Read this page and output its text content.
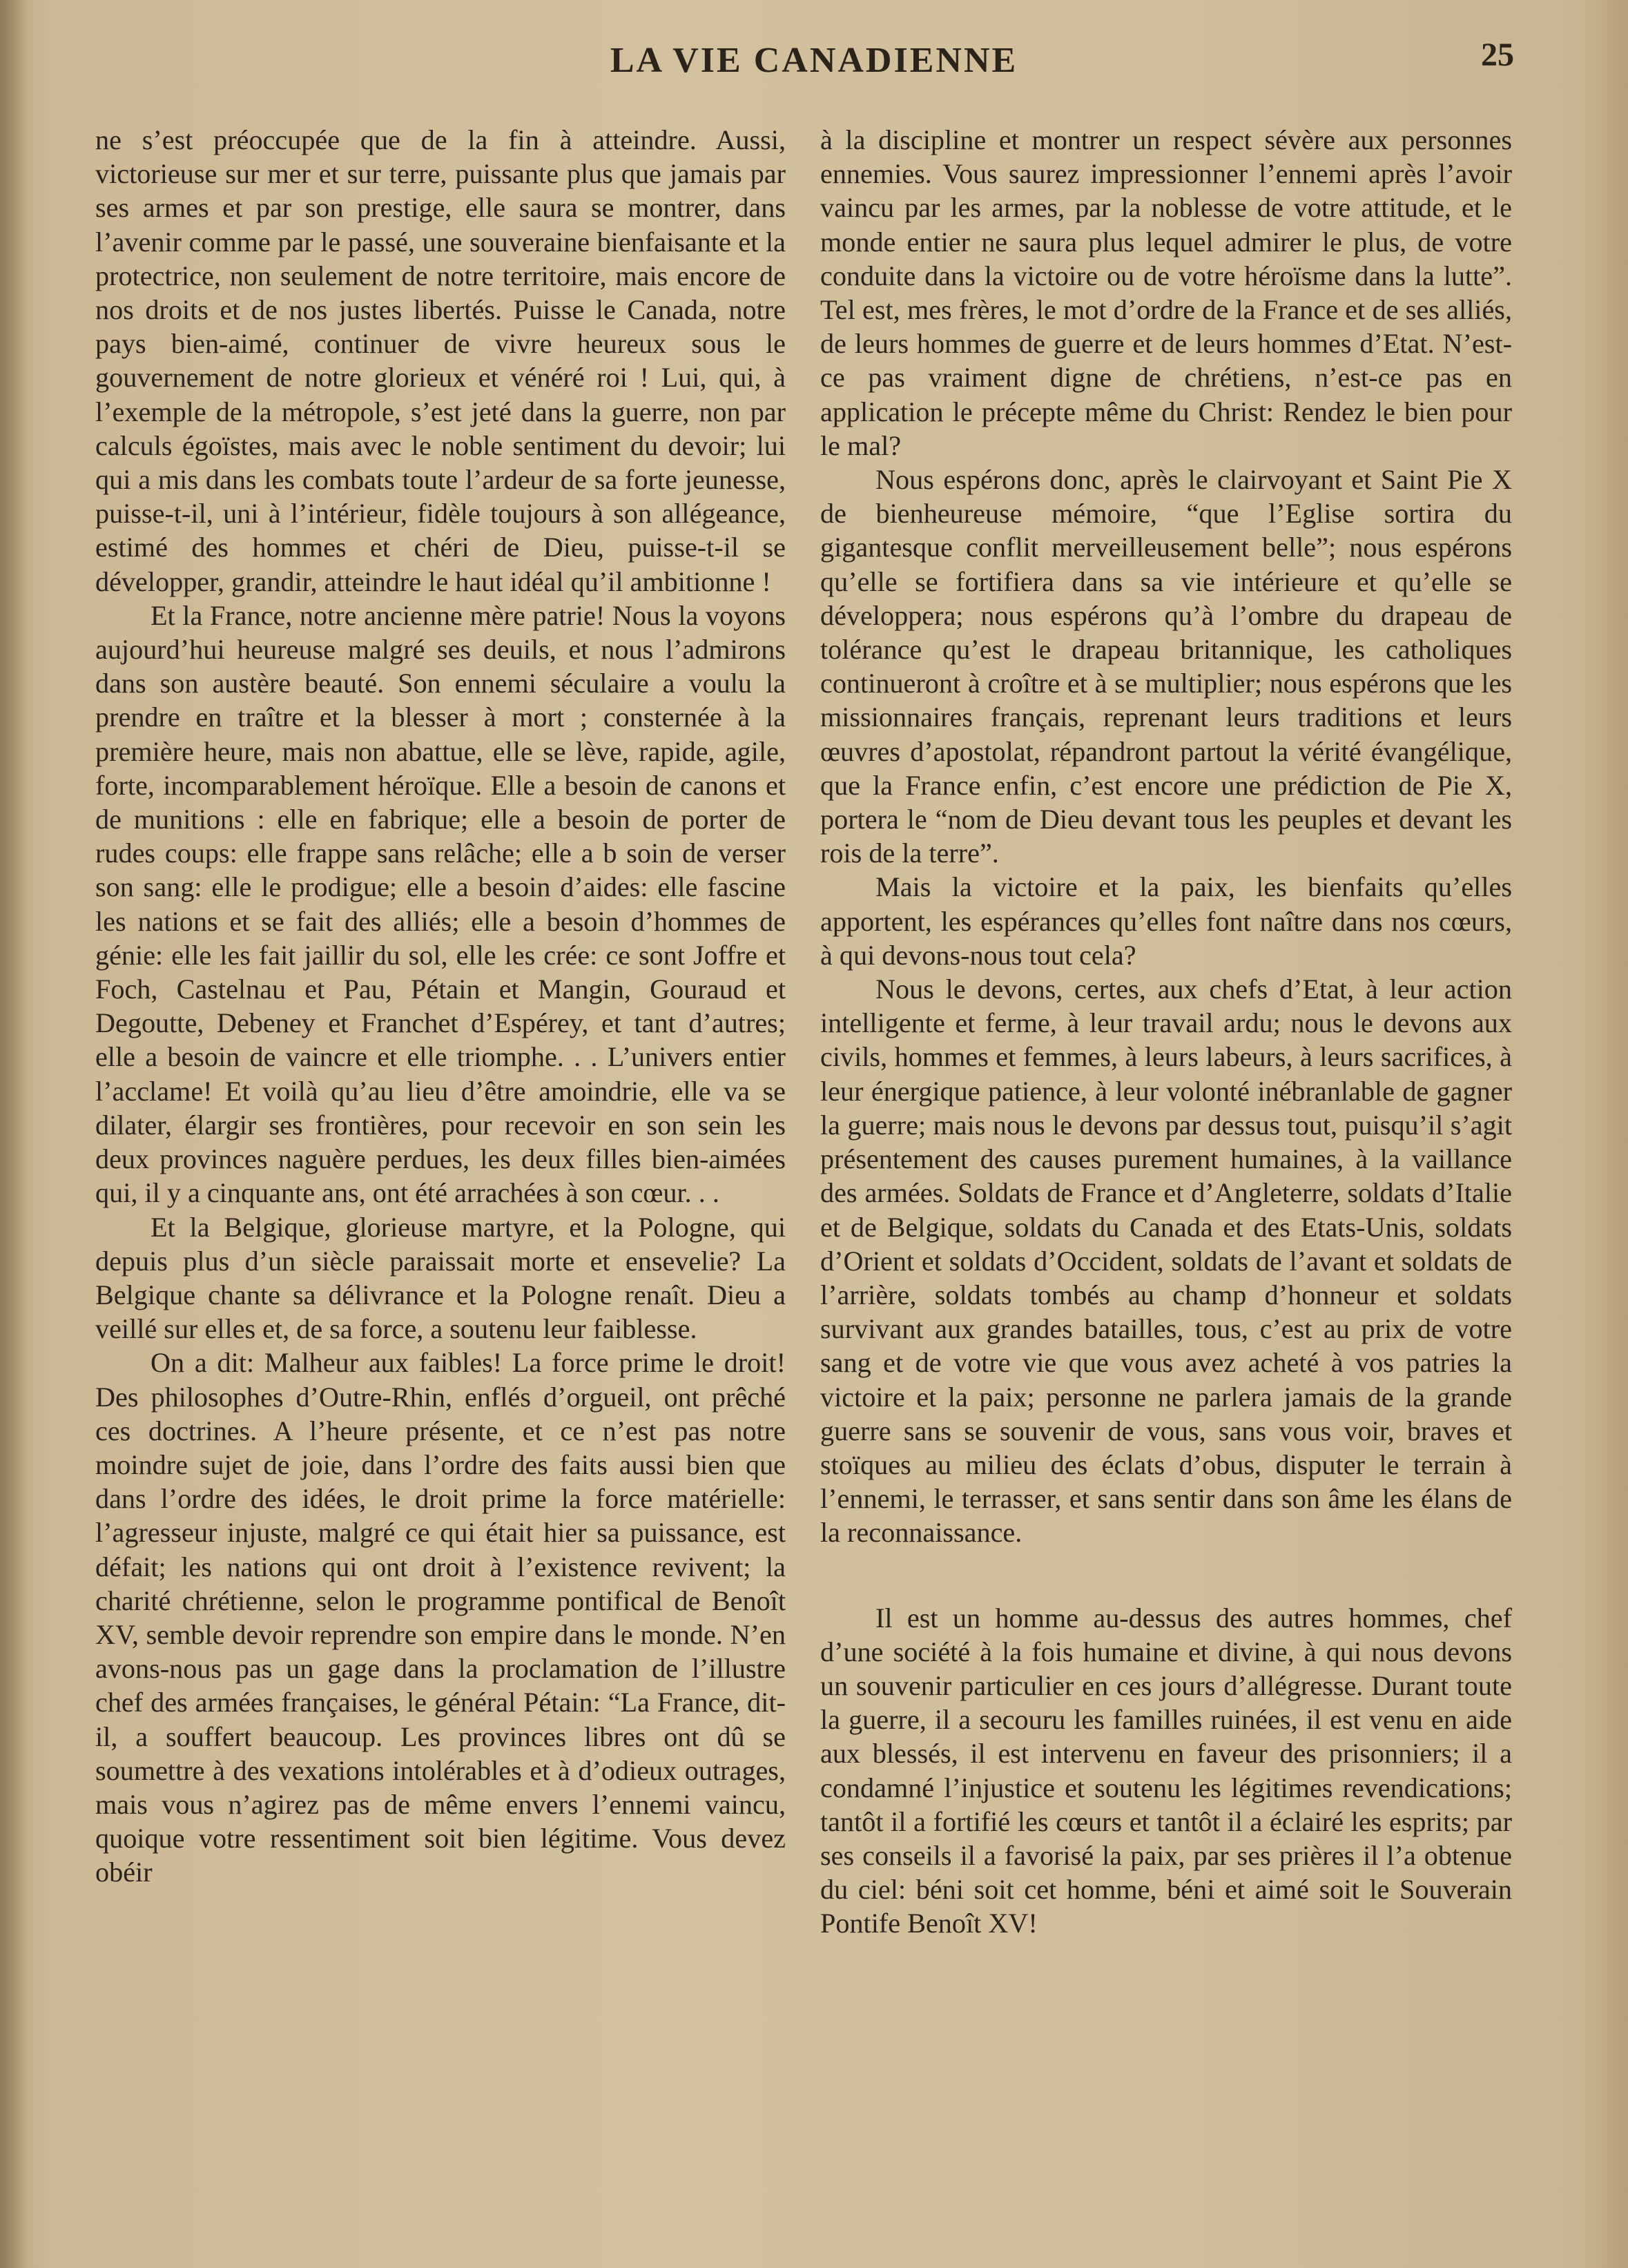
LA VIE CANADIENNE	25

ne s’est préoccupée que de la fin à atteindre. Aussi, victorieuse sur mer et sur terre, puissante plus que jamais par ses armes et par son prestige, elle saura se montrer, dans l’avenir comme par le passé, une souveraine bienfaisante et la protectrice, non seulement de notre territoire, mais encore de nos droits et de nos justes libertés. Puisse le Canada, notre pays bien-aimé, continuer de vivre heureux sous le gouvernement de notre glorieux et vénéré roi ! Lui, qui, à l’exemple de la métropole, s’est jeté dans la guerre, non par calculs égoïstes, mais avec le noble sentiment du devoir; lui qui a mis dans les combats toute l’ardeur de sa forte jeunesse, puisse-t-il, uni à l’intérieur, fidèle toujours à son allégeance, estimé des hommes et chéri de Dieu, puisse-t-il se développer, grandir, atteindre le haut idéal qu’il ambitionne !

Et la France, notre ancienne mère patrie! Nous la voyons aujourd’hui heureuse malgré ses deuils, et nous l’admirons dans son austère beauté. Son ennemi séculaire a voulu la prendre en traître et la blesser à mort ; consternée à la première heure, mais non abattue, elle se lève, rapide, agile, forte, incomparablement héroïque. Elle a besoin de canons et de munitions : elle en fabrique; elle a besoin de porter de rudes coups: elle frappe sans relâche; elle a b soin de verser son sang: elle le prodigue; elle a besoin d’aides: elle fascine les nations et se fait des alliés; elle a besoin d’hommes de génie: elle les fait jaillir du sol, elle les crée: ce sont Joffre et Foch, Castelnau et Pau, Pétain et Mangin, Gouraud et Degoutte, Debeney et Franchet d’Espérey, et tant d’autres; elle a besoin de vaincre et elle triomphe. . . L’univers entier l’acclame! Et voilà qu’au lieu d’être amoindrie, elle va se dilater, élargir ses frontières, pour recevoir en son sein les deux provinces naguère perdues, les deux filles bien-aimées qui, il y a cinquante ans, ont été arrachées à son cœur. . .

Et la Belgique, glorieuse martyre, et la Pologne, qui depuis plus d’un siècle paraissait morte et ensevelie? La Belgique chante sa délivrance et la Pologne renaît. Dieu a veillé sur elles et, de sa force, a soutenu leur faiblesse.

On a dit: Malheur aux faibles! La force prime le droit! Des philosophes d’Outre-Rhin, enflés d’orgueil, ont prêché ces doctrines. A l’heure présente, et ce n’est pas notre moindre sujet de joie, dans l’ordre des faits aussi bien que dans l’ordre des idées, le droit prime la force matérielle: l’agresseur injuste, malgré ce qui était hier sa puissance, est défait; les nations qui ont droit à l’existence revivent; la charité chrétienne, selon le programme pontifical de Benoît XV, semble devoir reprendre son empire dans le monde. N’en avons-nous pas un gage dans la proclamation de l’illustre chef des armées françaises, le général Pétain: “La France, dit-il, a souffert beaucoup. Les provinces libres ont dû se soumettre à des vexations intolérables et à d’odieux outrages, mais vous n’agirez pas de même envers l’ennemi vaincu, quoique votre ressentiment soit bien légitime. Vous devez obéir

à la discipline et montrer un respect sévère aux personnes ennemies. Vous saurez impressionner l’ennemi après l’avoir vaincu par les armes, par la noblesse de votre attitude, et le monde entier ne saura plus lequel admirer le plus, de votre conduite dans la victoire ou de votre héroïsme dans la lutte”. Tel est, mes frères, le mot d’ordre de la France et de ses alliés, de leurs hommes de guerre et de leurs hommes d’Etat. N’est-ce pas vraiment digne de chrétiens, n’est-ce pas en application le précepte même du Christ: Rendez le bien pour le mal?

Nous espérons donc, après le clairvoyant et Saint Pie X de bienheureuse mémoire, “que l’Eglise sortira du gigantesque conflit merveilleusement belle”; nous espérons qu’elle se fortifiera dans sa vie intérieure et qu’elle se développera; nous espérons qu’à l’ombre du drapeau de tolérance qu’est le drapeau britannique, les catholiques continueront à croître et à se multiplier; nous espérons que les missionnaires français, reprenant leurs traditions et leurs œuvres d’apostolat, répandront partout la vérité évangélique, que la France enfin, c’est encore une prédiction de Pie X, portera le “nom de Dieu devant tous les peuples et devant les rois de la terre”.

Mais la victoire et la paix, les bienfaits qu’elles apportent, les espérances qu’elles font naître dans nos cœurs, à qui devons-nous tout cela?

Nous le devons, certes, aux chefs d’Etat, à leur action intelligente et ferme, à leur travail ardu; nous le devons aux civils, hommes et femmes, à leurs labeurs, à leurs sacrifices, à leur énergique patience, à leur volonté inébranlable de gagner la guerre; mais nous le devons par dessus tout, puisqu’il s’agit présentement des causes purement humaines, à la vaillance des armées. Soldats de France et d’Angleterre, soldats d’Italie et de Belgique, soldats du Canada et des Etats-Unis, soldats d’Orient et soldats d’Occident, soldats de l’avant et soldats de l’arrière, soldats tombés au champ d’honneur et soldats survivant aux grandes batailles, tous, c’est au prix de votre sang et de votre vie que vous avez acheté à vos patries la victoire et la paix; personne ne parlera jamais de la grande guerre sans se souvenir de vous, sans vous voir, braves et stoïques au milieu des éclats d’obus, disputer le terrain à l’ennemi, le terrasser, et sans sentir dans son âme les élans de la reconnaissance.

Il est un homme au-dessus des autres hommes, chef d’une société à la fois humaine et divine, à qui nous devons un souvenir particulier en ces jours d’allégresse. Durant toute la guerre, il a secouru les familles ruinées, il est venu en aide aux blessés, il est intervenu en faveur des prisonniers; il a condamné l’injustice et soutenu les légitimes revendications; tantôt il a fortifié les cœurs et tantôt il a éclairé les esprits; par ses conseils il a favorisé la paix, par ses prières il l’a obtenue du ciel: béni soit cet homme, béni et aimé soit le Souverain Pontife Benoît XV!
